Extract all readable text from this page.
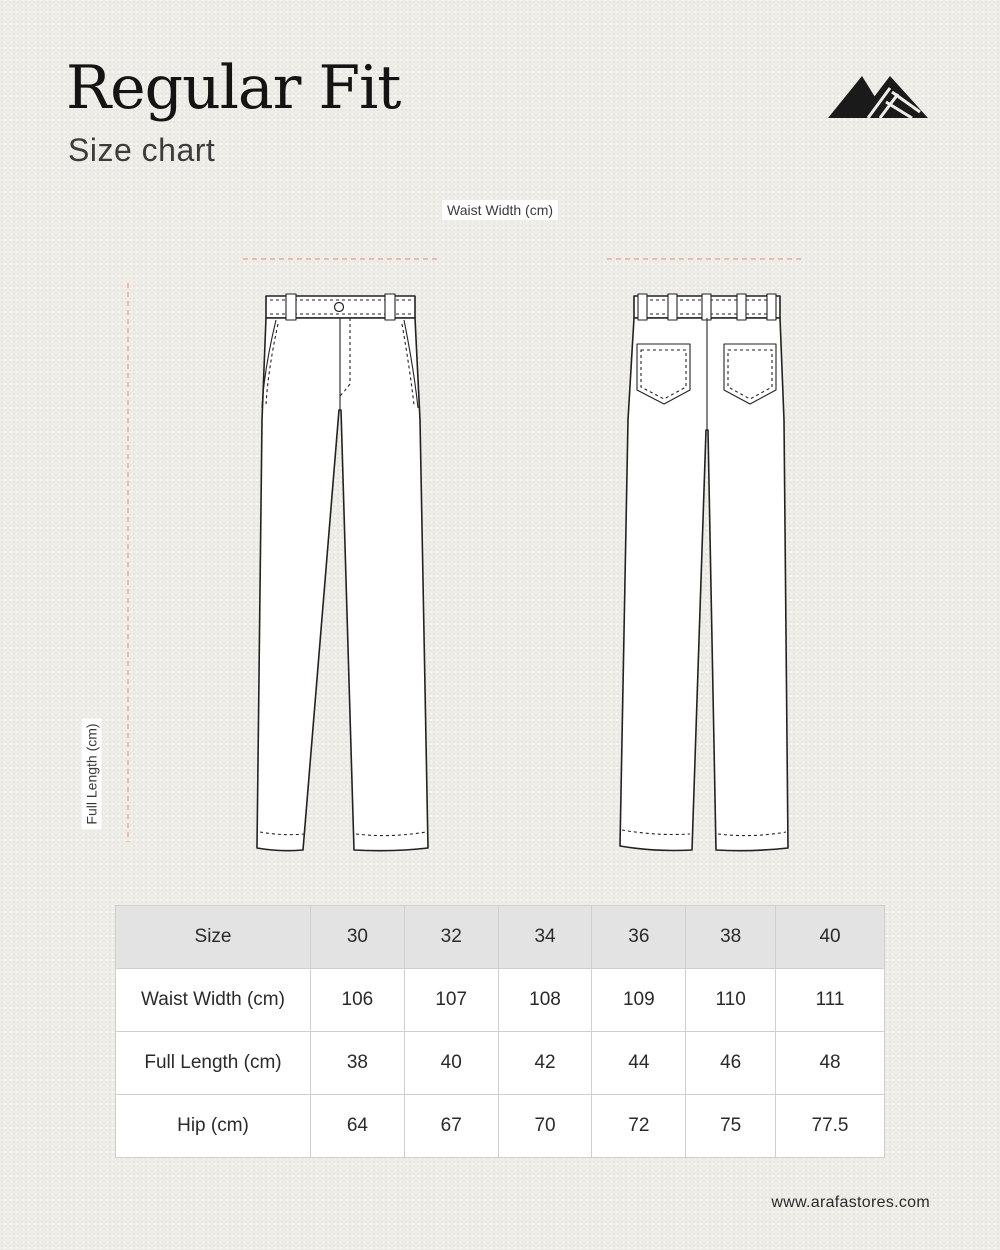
Regular Fit
Size chart
Waist Width (cm)
Full Length (cm)
Size	30	32	34	36	38	40
Waist Width (cm)	106	107	108	109	110	111
Full Length (cm)	38	40	42	44	46	48
Hip (cm)	64	67	70	72	75	77.5
www.arafastores.com
